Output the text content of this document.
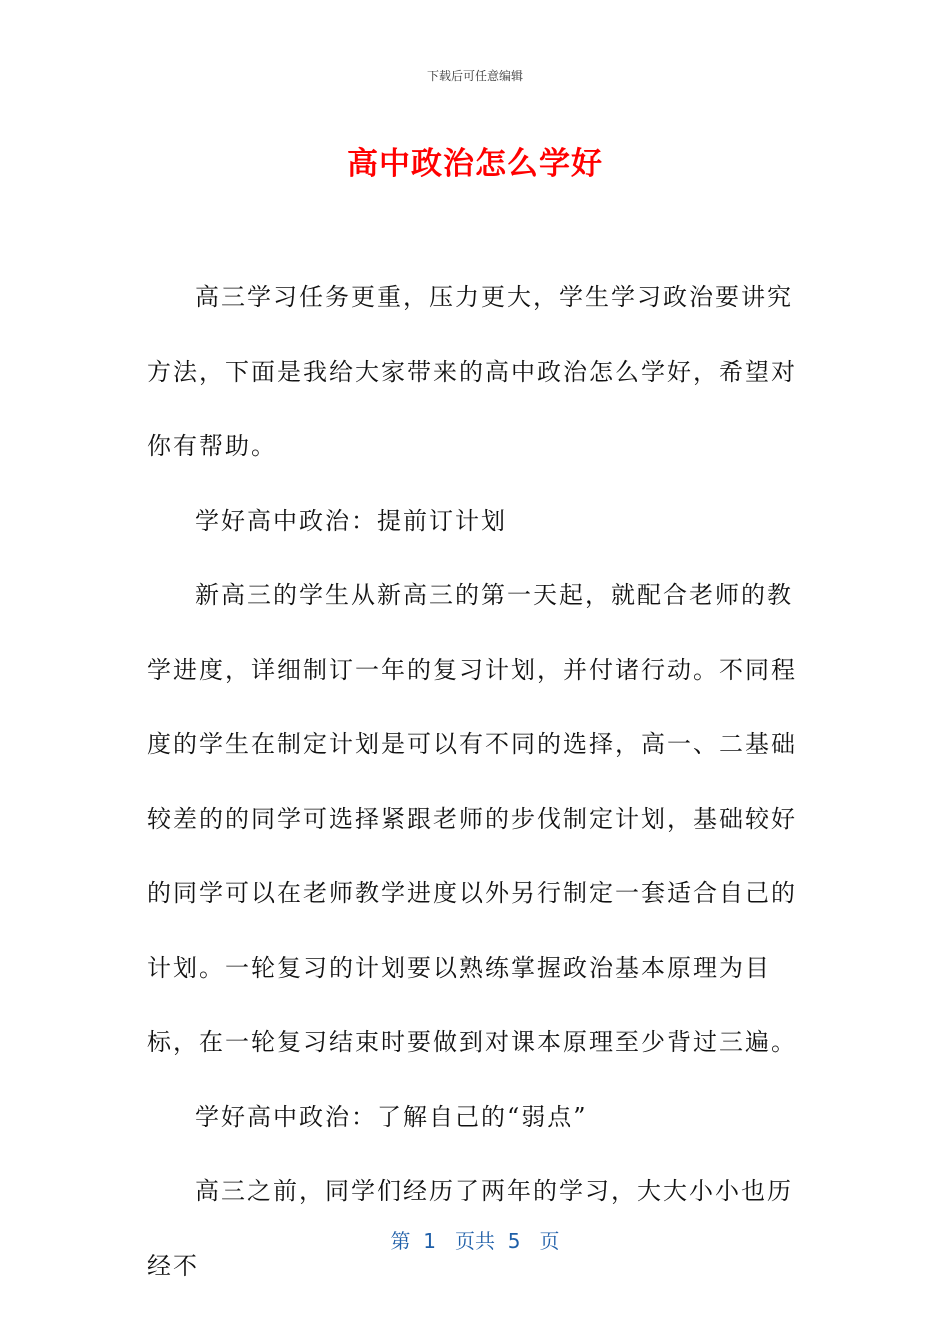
下载后可任意编辑
高中政治怎么学好

高三学习任务更重，压力更大，学生学习政治要讲究方法，下面是我给大家带来的高中政治怎么学好，希望对你有帮助。

学好高中政治：提前订计划

新高三的学生从新高三的第一天起，就配合老师的教学进度，详细制订一年的复习计划，并付诸行动。不同程度的学生在制定计划是可以有不同的选择，高一、二基础较差的的同学可选择紧跟老师的步伐制定计划，基础较好的同学可以在老师教学进度以外另行制定一套适合自己的计划。一轮复习的计划要以熟练掌握政治基本原理为目标，在一轮复习结束时要做到对课本原理至少背过三遍。

学好高中政治：了解自己的“弱点”

高三之前，同学们经历了两年的学习，大大小小也历经不

第  1   页共  5   页
